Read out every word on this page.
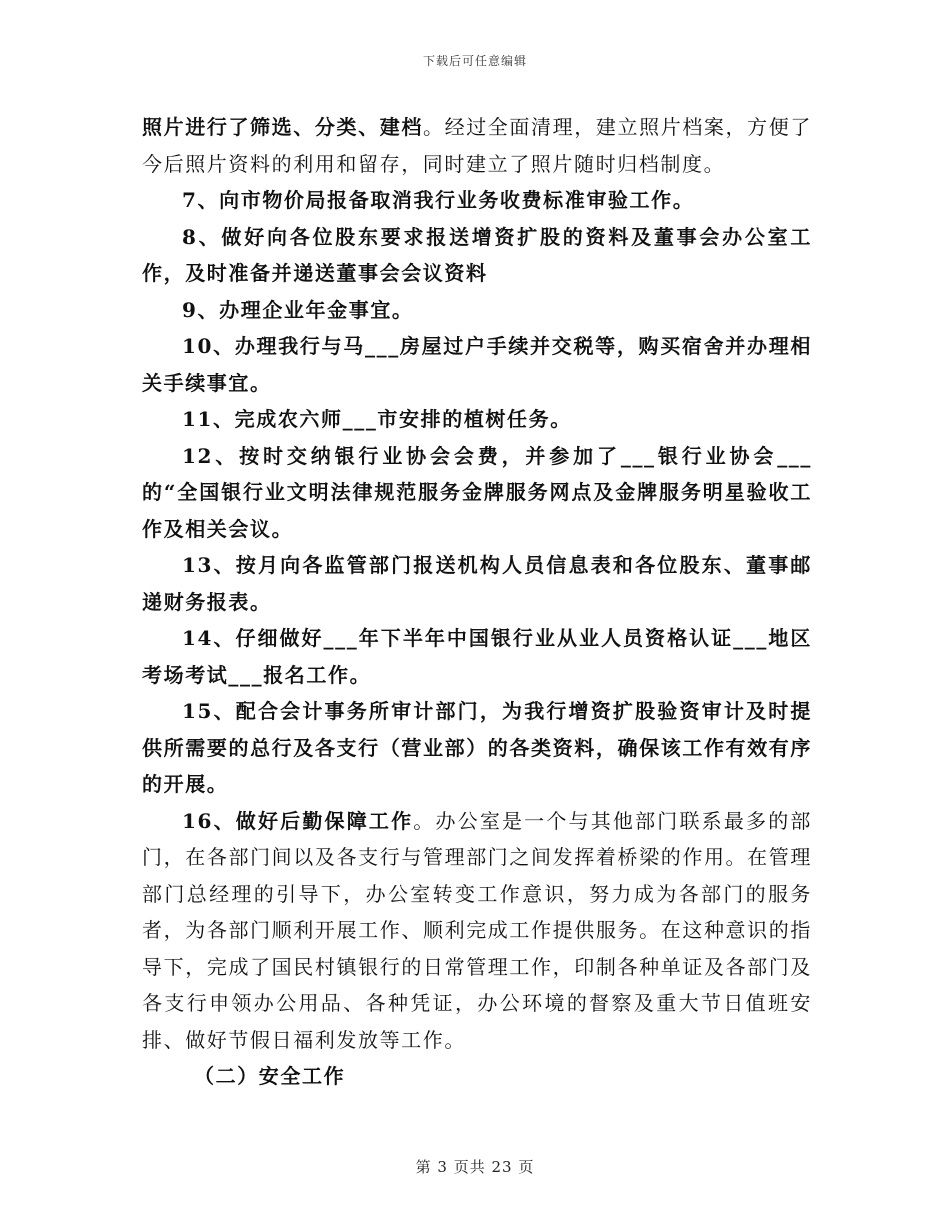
下载后可任意编辑

照片进行了筛选、分类、建档。经过全面清理，建立照片档案，方便了今后照片资料的利用和留存，同时建立了照片随时归档制度。

7、向市物价局报备取消我行业务收费标准审验工作。

8、做好向各位股东要求报送增资扩股的资料及董事会办公室工作，及时准备并递送董事会会议资料

9、办理企业年金事宜。

10、办理我行与马___房屋过户手续并交税等，购买宿舍并办理相关手续事宜。

11、完成农六师___市安排的植树任务。

12、按时交纳银行业协会会费，并参加了___银行业协会___的“全国银行业文明法律规范服务金牌服务网点及金牌服务明星验收工作及相关会议。

13、按月向各监管部门报送机构人员信息表和各位股东、董事邮递财务报表。

14、仔细做好___年下半年中国银行业从业人员资格认证___地区考场考试___报名工作。

15、配合会计事务所审计部门，为我行增资扩股验资审计及时提供所需要的总行及各支行（营业部）的各类资料，确保该工作有效有序的开展。

16、做好后勤保障工作。办公室是一个与其他部门联系最多的部门，在各部门间以及各支行与管理部门之间发挥着桥梁的作用。在管理部门总经理的引导下，办公室转变工作意识，努力成为各部门的服务者，为各部门顺利开展工作、顺利完成工作提供服务。在这种意识的指导下，完成了国民村镇银行的日常管理工作，印制各种单证及各部门及各支行申领办公用品、各种凭证，办公环境的督察及重大节日值班安排、做好节假日福利发放等工作。

（二）安全工作

第 3 页共 23 页
